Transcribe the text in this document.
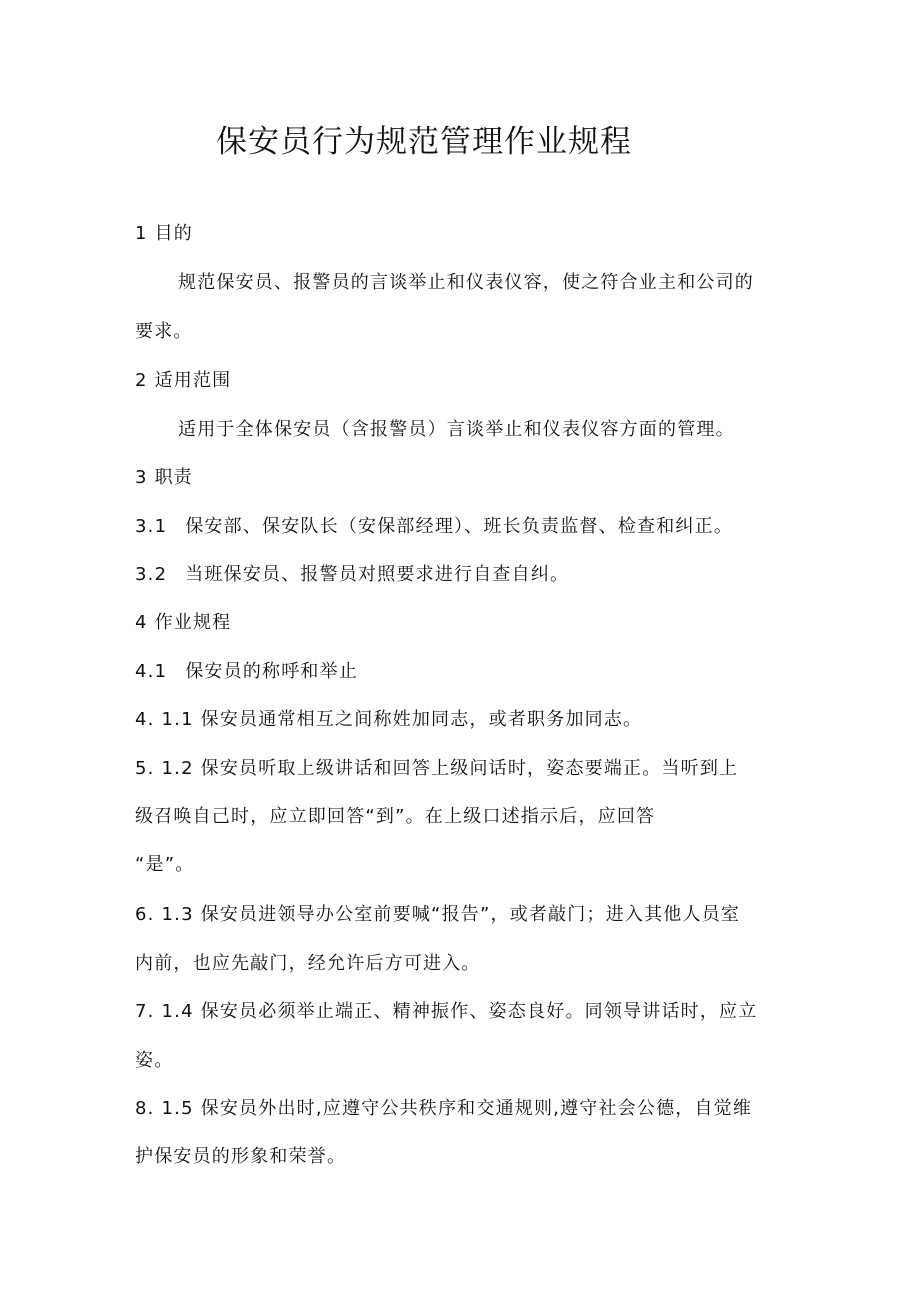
保安员行为规范管理作业规程
1 目的
规范保安员、报警员的言谈举止和仪表仪容，使之符合业主和公司的
要求。
2 适用范围
适用于全体保安员（含报警员）言谈举止和仪表仪容方面的管理。
3 职责
3.1 保安部、保安队长（安保部经理）、班长负责监督、检查和纠正。
3.2 当班保安员、报警员对照要求进行自查自纠。
4 作业规程
4.1 保安员的称呼和举止
4. 1.1 保安员通常相互之间称姓加同志，或者职务加同志。
5. 1.2 保安员听取上级讲话和回答上级问话时，姿态要端正。当听到上
级召唤自己时，应立即回答“到”。在上级口述指示后，应回答
“是”。
6. 1.3 保安员进领导办公室前要喊“报告”，或者敲门；进入其他人员室
内前，也应先敲门，经允许后方可进入。
7. 1.4 保安员必须举止端正、精神振作、姿态良好。同领导讲话时，应立
姿。
8. 1.5 保安员外出时,应遵守公共秩序和交通规则,遵守社会公德，自觉维
护保安员的形象和荣誉。
